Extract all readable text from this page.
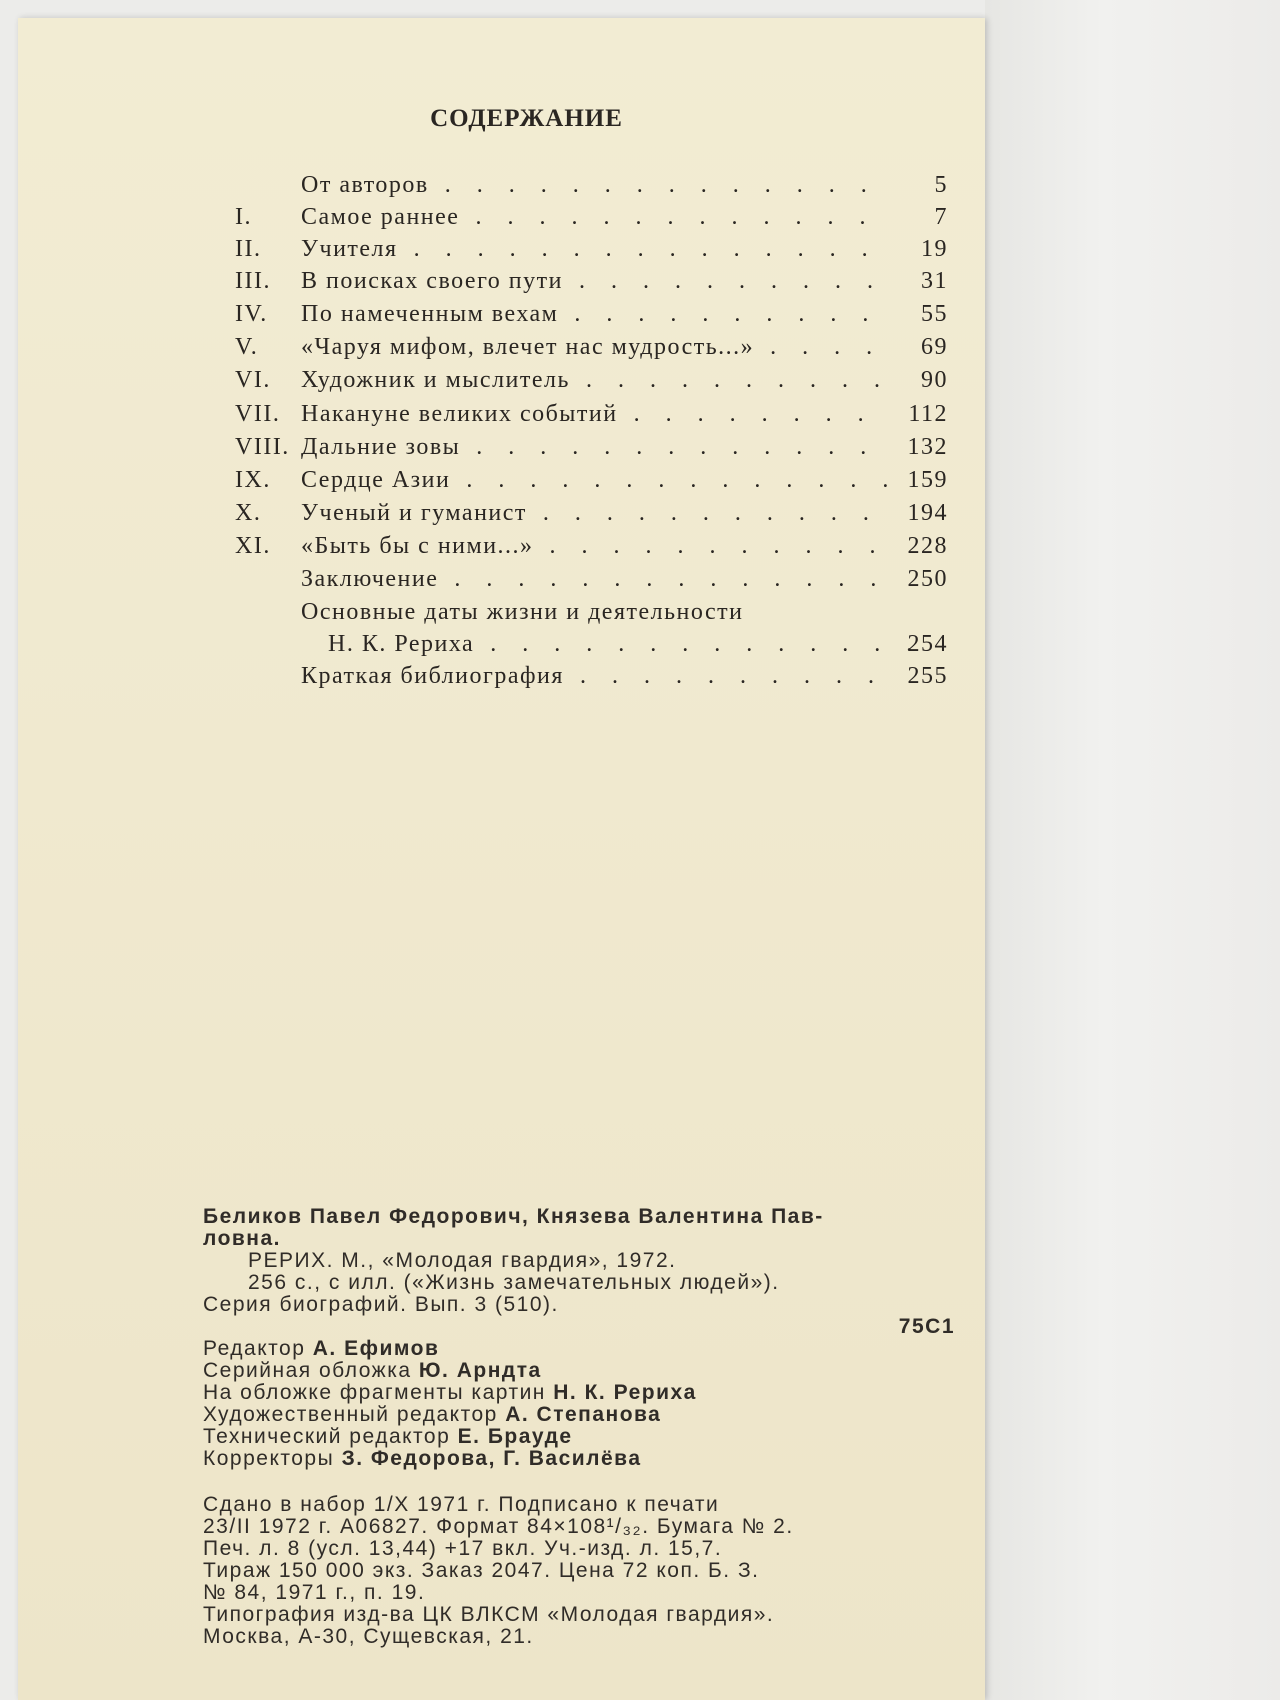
СОДЕРЖАНИЕ
От авторов . . .	5
I.	Самое раннее . . .	7
II.	Учителя . . .	19
III.	В поисках своего пути . . .	31
IV.	По намеченным вехам . . .	55
V.	«Чаруя мифом, влечет нас мудрость...» . . .	69
VI.	Художник и мыслитель . . .	90
VII. Накануне великих событий . . .	112
VIII. Дальние зовы . . .	132
IX.	Сердце Азии . . .	159
X.	Ученый и гуманист . . .	194
XI.	«Быть бы с ними...» . . .	228
Заключение . . .	250
Основные даты жизни и деятельности
Н. К. Рериха . . .	254
Краткая библиография . . .	255
Беликов Павел Федорович, Князева Валентина Пав-
ловна.
РЕРИХ. М., «Молодая гвардия», 1972.
256 с., с илл. («Жизнь замечательных людей»).
Серия биографий. Вып. 3 (510).
75С1
Редактор А. Ефимов
Серийная обложка Ю. Арндта
На обложке фрагменты картин Н. К. Рериха
Художественный редактор А. Степанова
Технический редактор Е. Брауде
Корректоры З. Федорова, Г. Василёва
Сдано в набор 1/X 1971 г. Подписано к печати
23/II 1972 г. А06827. Формат 84×108¹/₃₂. Бумага № 2.
Печ. л. 8 (усл. 13,44) +17 вкл. Уч.-изд. л. 15,7.
Тираж 150 000 экз. Заказ 2047. Цена 72 коп. Б. З.
№ 84, 1971 г., п. 19.
Типография изд-ва ЦК ВЛКСМ «Молодая гвардия».
Москва, А-30, Сущевская, 21.
